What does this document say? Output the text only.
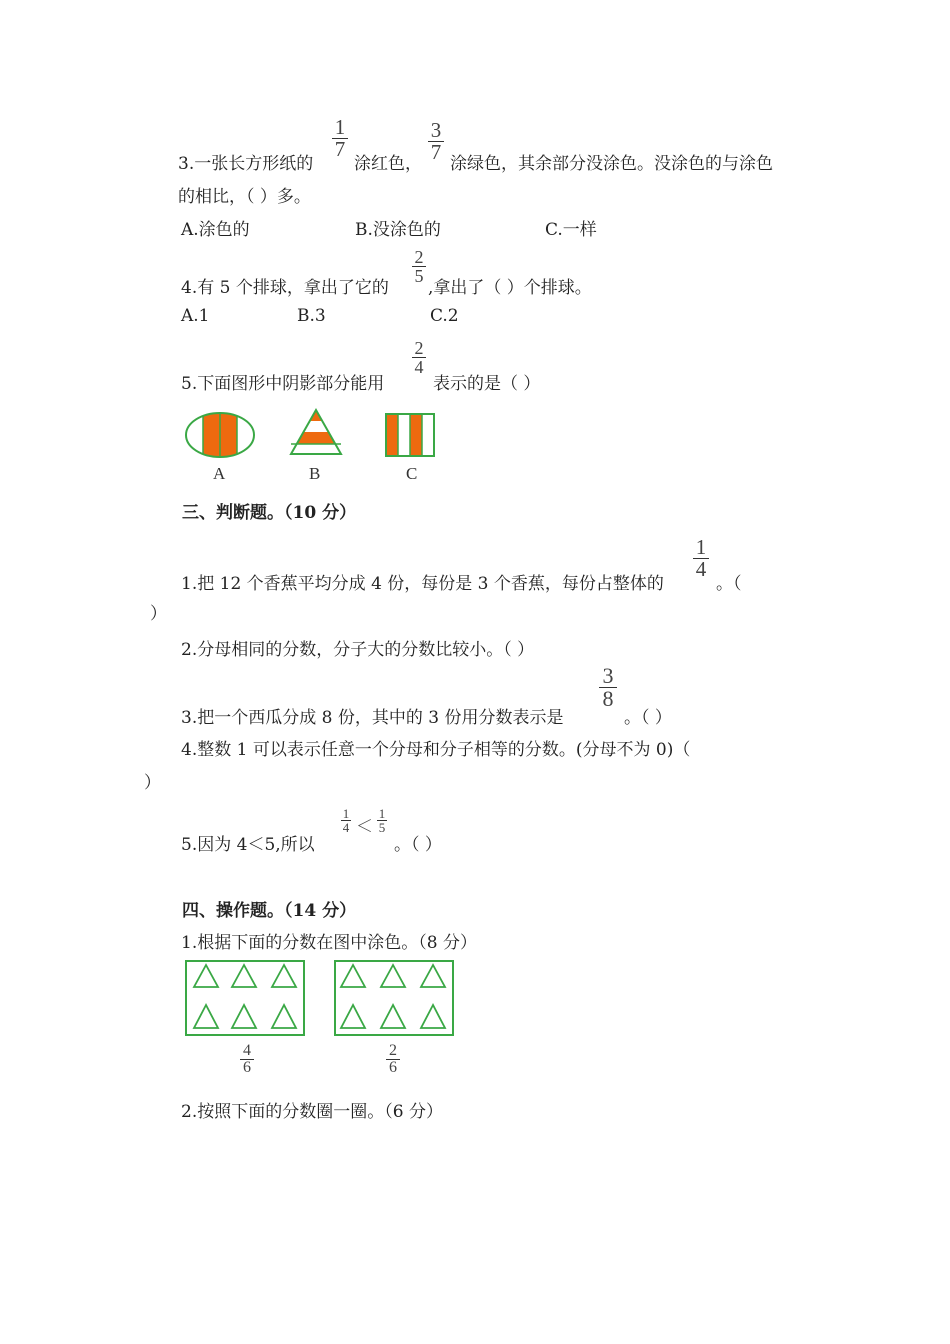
3.一张长方形纸的
1
7
涂红色，
3
7 涂绿色，其余部分没涂色。没涂色的与涂色
的相比，（ ）多。
A.涂色的	B.没涂色的	C.一样
4.有 5 个排球，拿出了它的
2
5
,拿出了（ ）个排球。
A.1	B.3	C.2
5.下面图形中阴影部分能用
2
4
表示的是（ ）
A	B	C
三、判断题。（10 分）
1.把 12 个香蕉平均分成 4 份，每份是 3 个香蕉，每份占整体的
1
4
。（
）
2.分母相同的分数，分子大的分数比较小。（ ）
3.把一个西瓜分成 8 份，其中的 3 份用分数表示是
3
8
。（ ）
4.整数 1 可以表示任意一个分母和分子相等的分数。(分母不为 0)（
）
5.因为 4＜5,所以
1
4 ＜
1
5
。（ ）
四、操作题。（14 分）
1.根据下面的分数在图中涂色。（8 分）
4
6
2
6
2.按照下面的分数圈一圈。（6 分）
